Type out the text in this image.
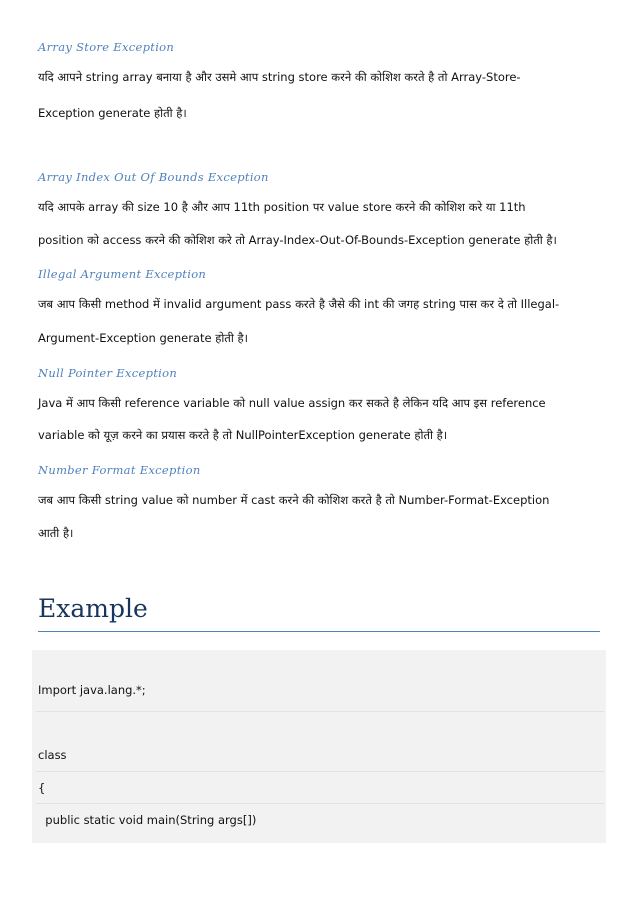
Array Store Exception
यदि आपने string array बनाया है और उसमे आप string store करने की कोशिश करते है तो Array-Store-
Exception generate होती है।
Array Index Out Of Bounds Exception
यदि आपके array की size 10 है और आप 11th position पर value store करने की कोशिश करे या 11th
position को access करने की कोशिश करे तो Array-Index-Out-Of-Bounds-Exception generate होती है।
Illegal Argument Exception
जब आप किसी method में invalid argument pass करते है जैसे की int की जगह string पास कर दे तो Illegal-
Argument-Exception generate होती है।
Null Pointer Exception
Java में आप किसी reference variable को null value assign कर सकते है लेकिन यदि आप इस reference
variable को यूज़ करने का प्रयास करते है तो NullPointerException generate होती है।
Number Format Exception
जब आप किसी string value को number में cast करने की कोशिश करते है तो Number-Format-Exception
आती है।
Example
Import java.lang.*;
class
{
public static void main(String args[])
